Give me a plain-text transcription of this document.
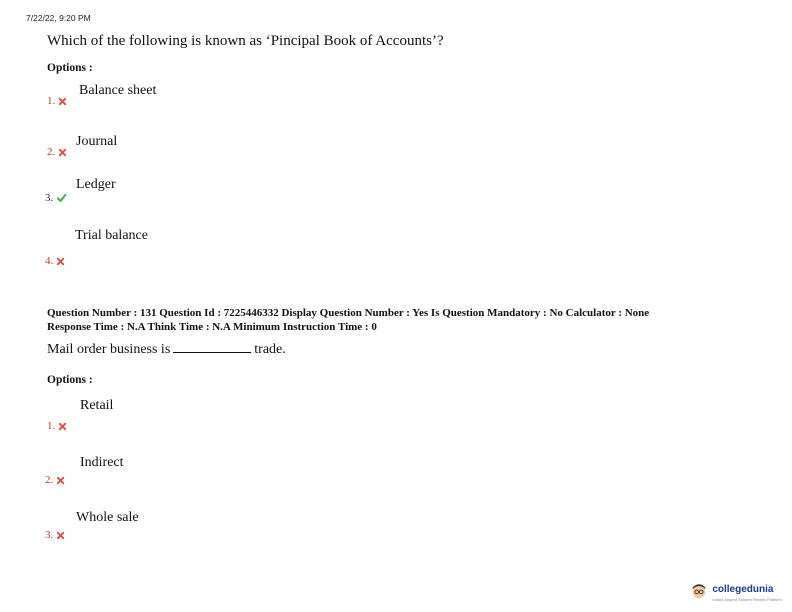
7/22/22, 9:20 PM
Which of the following is known as ‘Pincipal Book of Accounts’?
Options :
Balance sheet
1.
Journal
2.
Ledger
3.
Trial balance
4.
Question Number : 131 Question Id : 7225446332 Display Question Number : Yes Is Question Mandatory : No Calculator : None
Response Time : N.A Think Time : N.A Minimum Instruction Time : 0
Mail order business is	trade.
Options :
Retail
1.
Indirect
2.
Whole sale
3.
collegedunia
India's largest Student Review Platform
